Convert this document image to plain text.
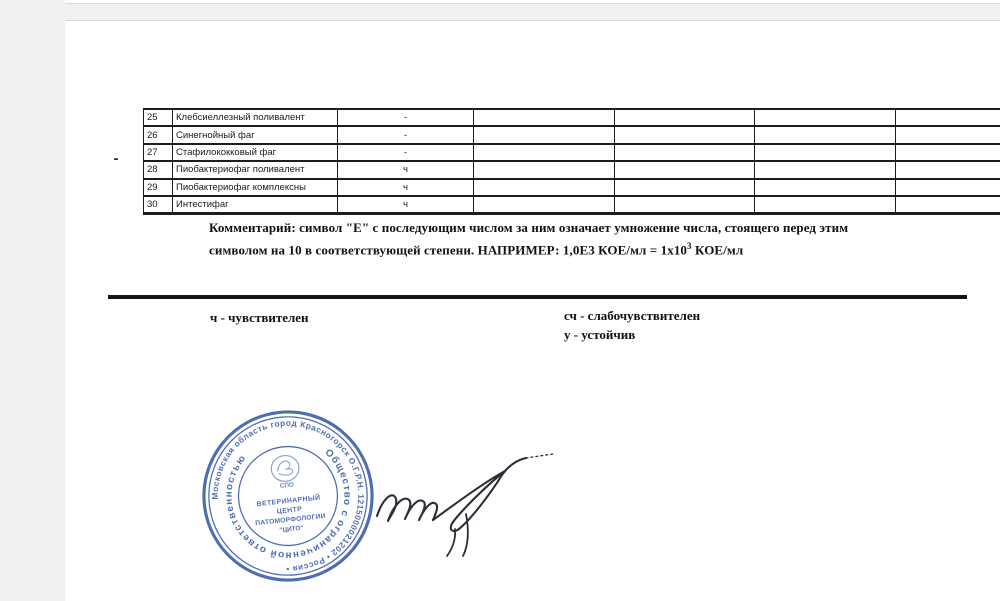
-
25	Клебсиеллезный поливалент	-				
26	Синегнойный фаг	-				
27	Стафилококковый фаг	-				
28	Пиобактериофаг поливалент	ч				
29	Пиобактериофаг комплексны	ч				
30	Интестифаг	ч				
Комментарий: символ "Е" с последующим числом за ним означает умножение числа, стоящего перед этим
символом на 10 в соответствующей степени. НАПРИМЕР: 1,0Е3 $КОЕ/мл = 1x10^3$ КОЕ/мл
ч - чувствителен	сч - слабочувствителен
у - устойчив
Московская область город Красногорск О.Г.Р.Н. 1215000021202 • Россия •
Общество с ограниченной ответственностью
СПО
ВЕТЕРИНАРНЫЙ
ЦЕНТР
ПАТОМОРФОЛОГИИ
"ЦИТО"
